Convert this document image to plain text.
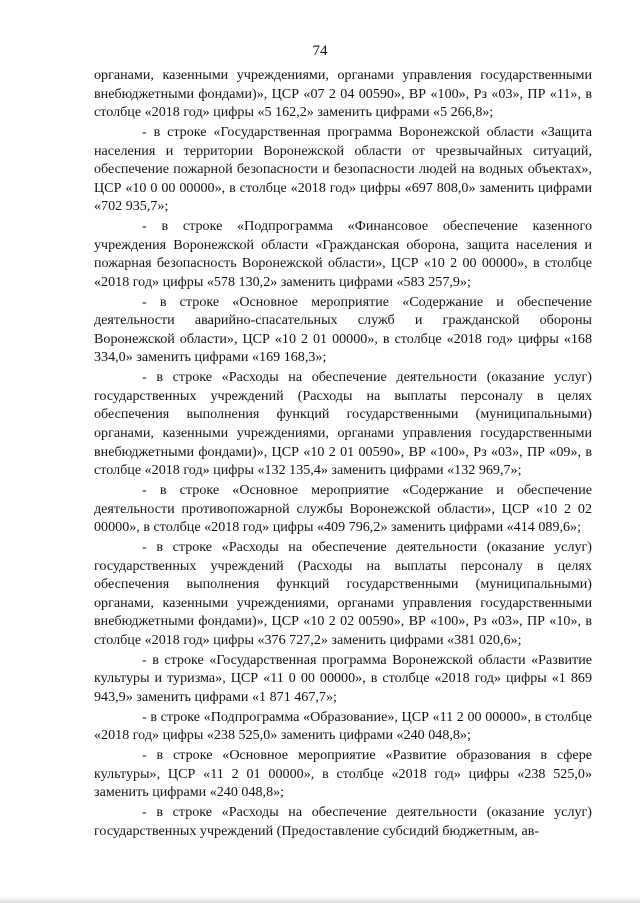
74

органами, казенными учреждениями, органами управления государственными внебюджетными фондами)», ЦСР «07 2 04 00590», ВР «100», Рз «03», ПР «11», в столбце «2018 год» цифры «5 162,2» заменить цифрами «5 266,8»;

- в строке «Государственная программа Воронежской области «Защита населения и территории Воронежской области от чрезвычайных ситуаций, обеспечение пожарной безопасности и безопасности людей на водных объектах», ЦСР «10 0 00 00000», в столбце «2018 год» цифры «697 808,0» заменить цифрами «702 935,7»;

- в строке «Подпрограмма «Финансовое обеспечение казенного учреждения Воронежской области «Гражданская оборона, защита населения и пожарная безопасность Воронежской области», ЦСР «10 2 00 00000», в столбце «2018 год» цифры «578 130,2» заменить цифрами «583 257,9»;

- в строке «Основное мероприятие «Содержание и обеспечение деятельности аварийно-спасательных служб и гражданской обороны Воронежской области», ЦСР «10 2 01 00000», в столбце «2018 год» цифры «168 334,0» заменить цифрами «169 168,3»;

- в строке «Расходы на обеспечение деятельности (оказание услуг) государственных учреждений (Расходы на выплаты персоналу в целях обеспечения выполнения функций государственными (муниципальными) органами, казенными учреждениями, органами управления государственными внебюджетными фондами)», ЦСР «10 2 01 00590», ВР «100», Рз «03», ПР «09», в столбце «2018 год» цифры «132 135,4» заменить цифрами «132 969,7»;

- в строке «Основное мероприятие «Содержание и обеспечение деятельности противопожарной службы Воронежской области», ЦСР «10 2 02 00000», в столбце «2018 год» цифры «409 796,2» заменить цифрами «414 089,6»;

- в строке «Расходы на обеспечение деятельности (оказание услуг) государственных учреждений (Расходы на выплаты персоналу в целях обеспечения выполнения функций государственными (муниципальными) органами, казенными учреждениями, органами управления государственными внебюджетными фондами)», ЦСР «10 2 02 00590», ВР «100», Рз «03», ПР «10», в столбце «2018 год» цифры «376 727,2» заменить цифрами «381 020,6»;

- в строке «Государственная программа Воронежской области «Развитие культуры и туризма», ЦСР «11 0 00 00000», в столбце «2018 год» цифры «1 869 943,9» заменить цифрами «1 871 467,7»;

- в строке «Подпрограмма «Образование», ЦСР «11 2 00 00000», в столбце «2018 год» цифры «238 525,0» заменить цифрами «240 048,8»;

- в строке «Основное мероприятие «Развитие образования в сфере культуры», ЦСР «11 2 01 00000», в столбце «2018 год» цифры «238 525,0» заменить цифрами «240 048,8»;

- в строке «Расходы на обеспечение деятельности (оказание услуг) государственных учреждений (Предоставление субсидий бюджетным, ав-
